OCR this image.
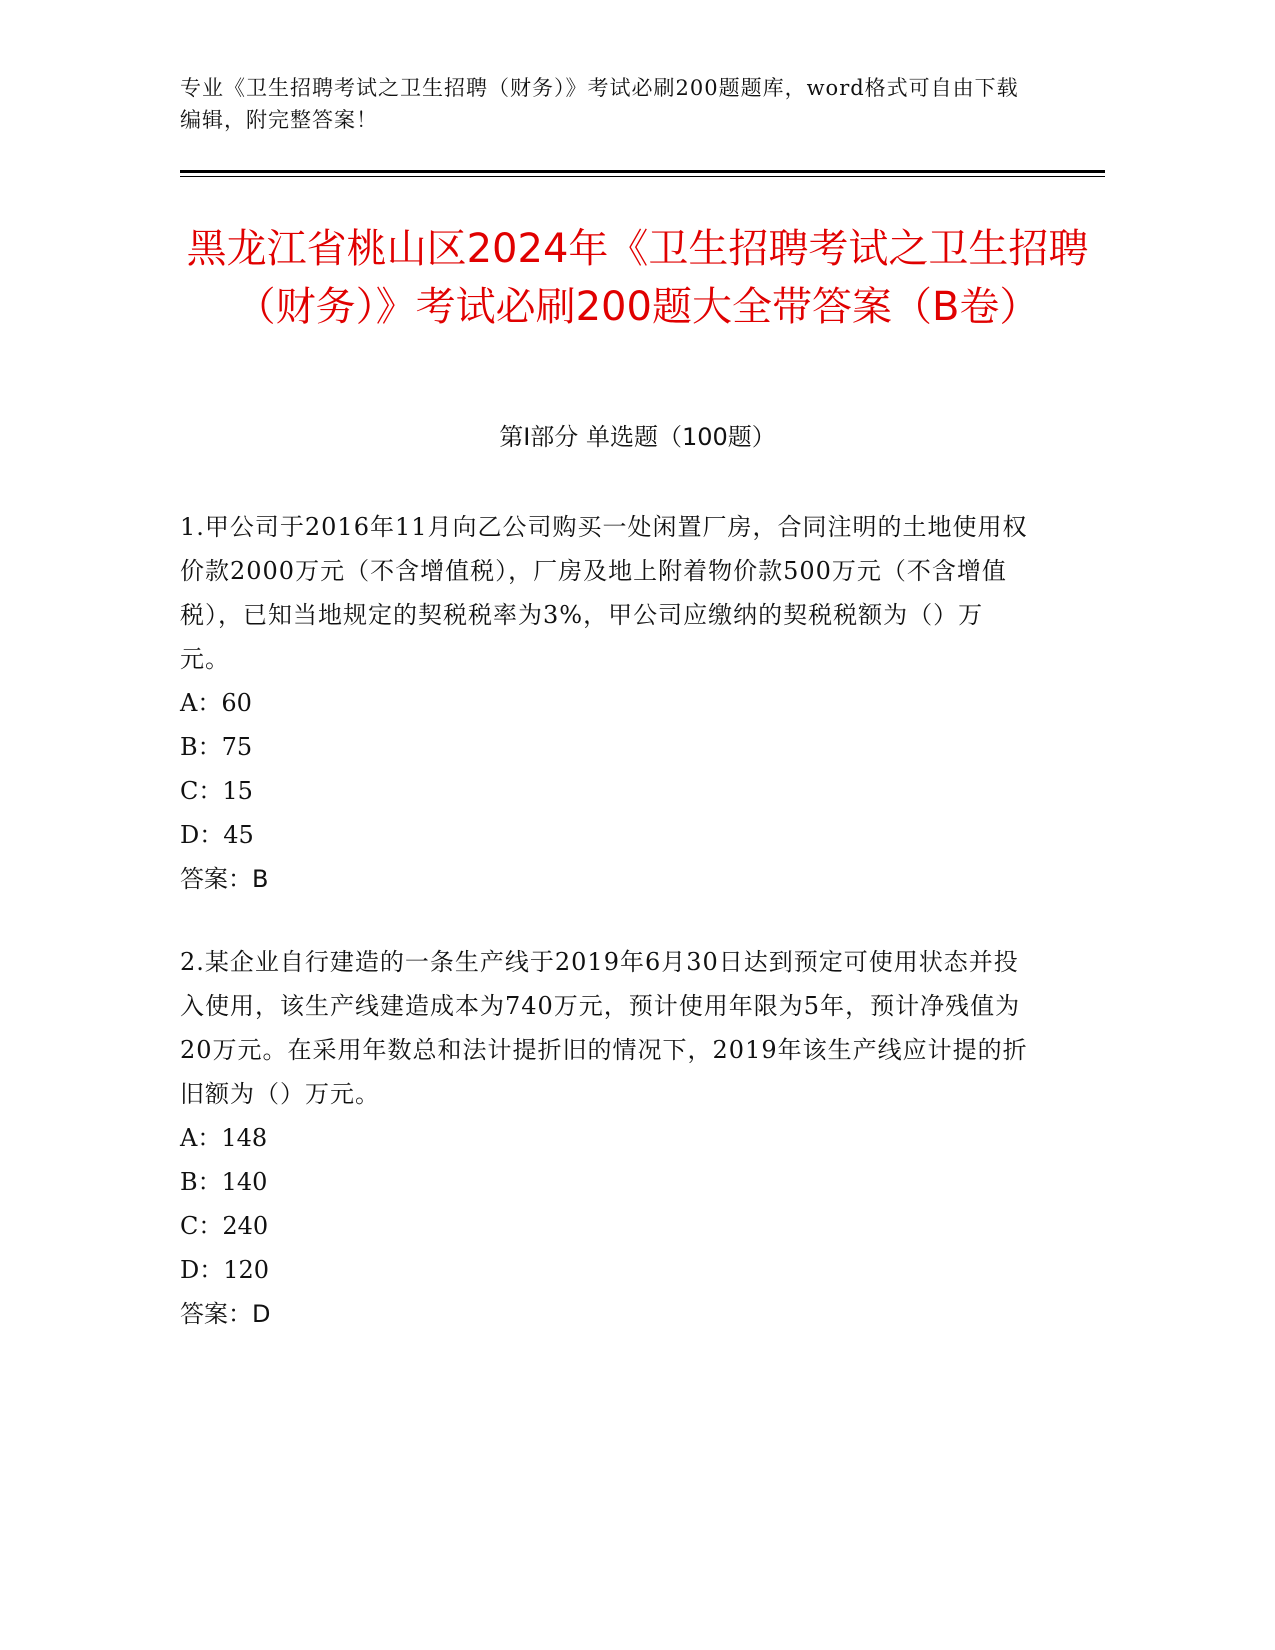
专业《卫生招聘考试之卫生招聘（财务）》考试必刷200题题库，word格式可自由下载编辑，附完整答案！
黑龙江省桃山区2024年《卫生招聘考试之卫生招聘（财务）》考试必刷200题大全带答案（B卷）
第Ⅰ部分 单选题（100题）

1.甲公司于2016年11月向乙公司购买一处闲置厂房，合同注明的土地使用权价款2000万元（不含增值税），厂房及地上附着物价款500万元（不含增值税），已知当地规定的契税税率为3%，甲公司应缴纳的契税税额为（）万元。

A：60

B：75

C：15

D：45

答案：B

2.某企业自行建造的一条生产线于2019年6月30日达到预定可使用状态并投入使用，该生产线建造成本为740万元，预计使用年限为5年，预计净残值为20万元。在采用年数总和法计提折旧的情况下，2019年该生产线应计提的折旧额为（）万元。

A：148

B：140

C：240

D：120

答案：D
